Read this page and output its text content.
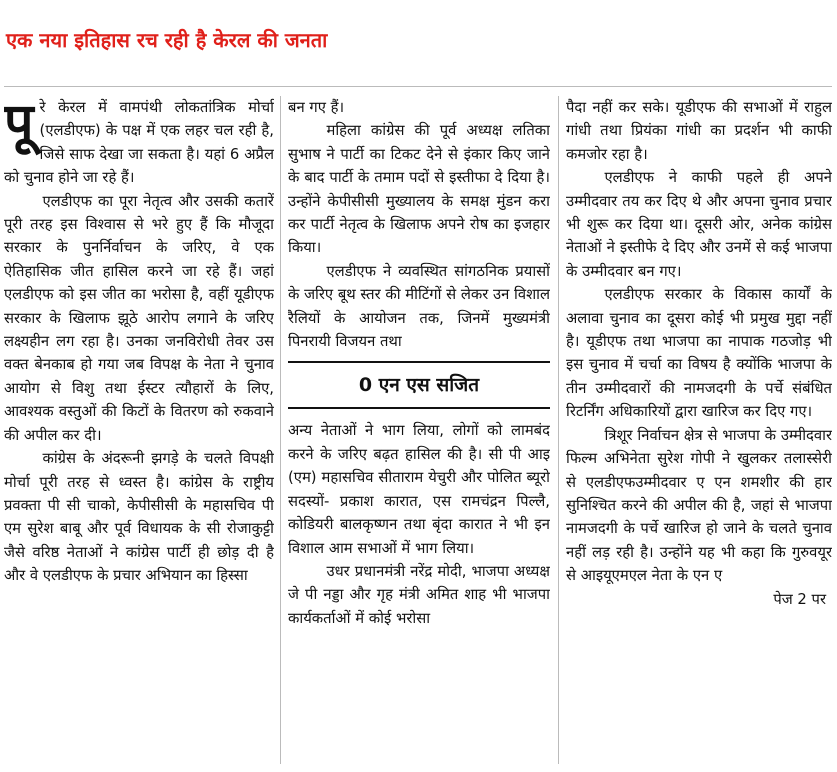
एक नया इतिहास रच रही है केरल की जनता

पूरे केरल में वामपंथी लोकतांत्रिक मोर्चा (एलडीएफ) के पक्ष में एक लहर चल रही है, जिसे साफ देखा जा सकता है। यहां 6 अप्रैल को चुनाव होने जा रहे हैं।

एलडीएफ का पूरा नेतृत्व और उसकी कतारें पूरी तरह इस विश्वास से भरे हुए हैं कि मौजूदा सरकार के पुनर्निर्वाचन के जरिए, वे एक ऐतिहासिक जीत हासिल करने जा रहे हैं। जहां एलडीएफ को इस जीत का भरोसा है, वहीं यूडीएफ सरकार के खिलाफ झूठे आरोप लगाने के जरिए लक्ष्यहीन लग रहा है। उनका जनविरोधी तेवर उस वक्त बेनकाब हो गया जब विपक्ष के नेता ने चुनाव आयोग से विशु तथा ईस्टर त्यौहारों के लिए, आवश्यक वस्तुओं की किटों के वितरण को रुकवाने की अपील कर दी।

कांग्रेस के अंदरूनी झगड़े के चलते विपक्षी मोर्चा पूरी तरह से ध्वस्त है। कांग्रेस के राष्ट्रीय प्रवक्ता पी सी चाको, केपीसीसी के महासचिव पी एम सुरेश बाबू और पूर्व विधायक के सी रोजाकुट्टी जैसे वरिष्ठ नेताओं ने कांग्रेस पार्टी ही छोड़ दी है और वे एलडीएफ के प्रचार अभियान का हिस्सा

बन गए हैं।

महिला कांग्रेस की पूर्व अध्यक्ष लतिका सुभाष ने पार्टी का टिकट देने से इंकार किए जाने के बाद पार्टी के तमाम पदों से इस्तीफा दे दिया है। उन्होंने केपीसीसी मुख्यालय के समक्ष मुंडन करा कर पार्टी नेतृत्व के खिलाफ अपने रोष का इजहार किया।

एलडीएफ ने व्यवस्थित सांगठनिक प्रयासों के जरिए बूथ स्तर की मीटिंगों से लेकर उन विशाल रैलियों के आयोजन तक, जिनमें मुख्यमंत्री पिनरायी विजयन तथा

0 एन एस सजित

अन्य नेताओं ने भाग लिया, लोगों को लामबंद करने के जरिए बढ़त हासिल की है। सी पी आइ (एम) महासचिव सीताराम येचुरी और पोलित ब्यूरो सदस्यों- प्रकाश कारात, एस रामचंद्रन पिल्लै, कोडियरी बालकृष्णन तथा बृंदा कारात ने भी इन विशाल आम सभाओं में भाग लिया।

उधर प्रधानमंत्री नरेंद्र मोदी, भाजपा अध्यक्ष जे पी नड्डा और गृह मंत्री अमित शाह भी भाजपा कार्यकर्ताओं में कोई भरोसा

पैदा नहीं कर सके। यूडीएफ की सभाओं में राहुल गांधी तथा प्रियंका गांधी का प्रदर्शन भी काफी कमजोर रहा है।

एलडीएफ ने काफी पहले ही अपने उम्मीदवार तय कर दिए थे और अपना चुनाव प्रचार भी शुरू कर दिया था। दूसरी ओर, अनेक कांग्रेस नेताओं ने इस्तीफे दे दिए और उनमें से कई भाजपा के उम्मीदवार बन गए।

एलडीएफ सरकार के विकास कार्यों के अलावा चुनाव का दूसरा कोई भी प्रमुख मुद्दा नहीं है। यूडीएफ तथा भाजपा का नापाक गठजोड़ भी इस चुनाव में चर्चा का विषय है क्योंकि भाजपा के तीन उम्मीदवारों की नामजदगी के पर्चे संबंधित रिटर्निंग अधिकारियों द्वारा खारिज कर दिए गए।

त्रिशूर निर्वाचन क्षेत्र से भाजपा के उम्मीदवार फिल्म अभिनेता सुरेश गोपी ने खुलकर तलास्सेरी से एलडीएफउम्मीदवार ए एन शमशीर की हार सुनिश्चित करने की अपील की है, जहां से भाजपा नामजदगी के पर्चे खारिज हो जाने के चलते चुनाव नहीं लड़ रही है। उन्होंने यह भी कहा कि गुरुवयूर से आइयूएमएल नेता के एन ए

पेज 2 पर
